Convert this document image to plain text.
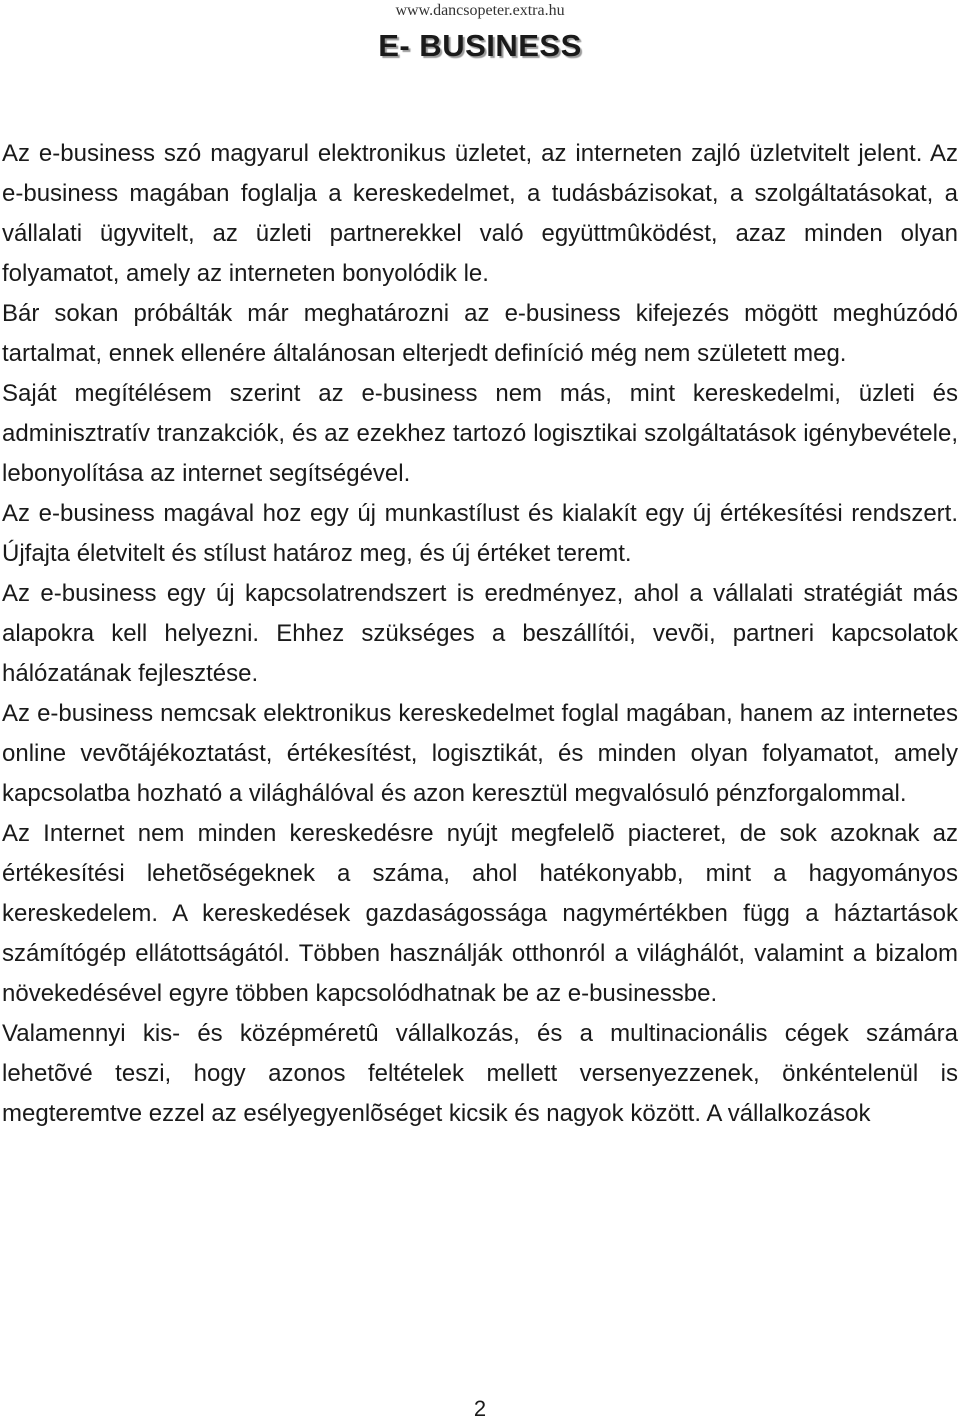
www.dancsopeter.extra.hu
E- BUSINESS

Az e-business szó magyarul elektronikus üzletet, az interneten zajló üzletvitelt jelent. Az e-business magában foglalja a kereskedelmet, a tudásbázisokat, a szolgáltatásokat, a vállalati ügyvitelt, az üzleti partnerekkel való együttmûködést, azaz minden olyan folyamatot, amely az interneten bonyolódik le.

Bár sokan próbálták már meghatározni az e-business kifejezés mögött meghúzódó tartalmat, ennek ellenére általánosan elterjedt definíció még nem született meg.

Saját megítélésem szerint az e-business nem más, mint kereskedelmi, üzleti és adminisztratív tranzakciók, és az ezekhez tartozó logisztikai szolgáltatások igénybevétele, lebonyolítása az internet segítségével.

Az e-business magával hoz egy új munkastílust és kialakít egy új értékesítési rendszert. Újfajta életvitelt és stílust határoz meg, és új értéket teremt.

Az e-business egy új kapcsolatrendszert is eredményez, ahol a vállalati stratégiát más alapokra kell helyezni. Ehhez szükséges a beszállítói, vevõi, partneri kapcsolatok hálózatának fejlesztése.

Az e-business nemcsak elektronikus kereskedelmet foglal magában, hanem az internetes online vevõtájékoztatást, értékesítést, logisztikát, és minden olyan folyamatot, amely kapcsolatba hozható a világhálóval és azon keresztül megvalósuló pénzforgalommal.

Az Internet nem minden kereskedésre nyújt megfelelõ piacteret, de sok azoknak az értékesítési lehetõségeknek a száma, ahol hatékonyabb, mint a hagyományos kereskedelem. A kereskedések gazdaságossága nagymértékben függ a háztartások számítógép ellátottságától. Többen használják otthonról a világhálót, valamint a bizalom növekedésével egyre többen kapcsolódhatnak be az e-businessbe.

Valamennyi kis- és középméretû vállalkozás, és a multinacionális cégek számára lehetõvé teszi, hogy azonos feltételek mellett versenyezzenek, önkéntelenül is megteremtve ezzel az esélyegyenlõséget kicsik és nagyok között. A vállalkozások

2
